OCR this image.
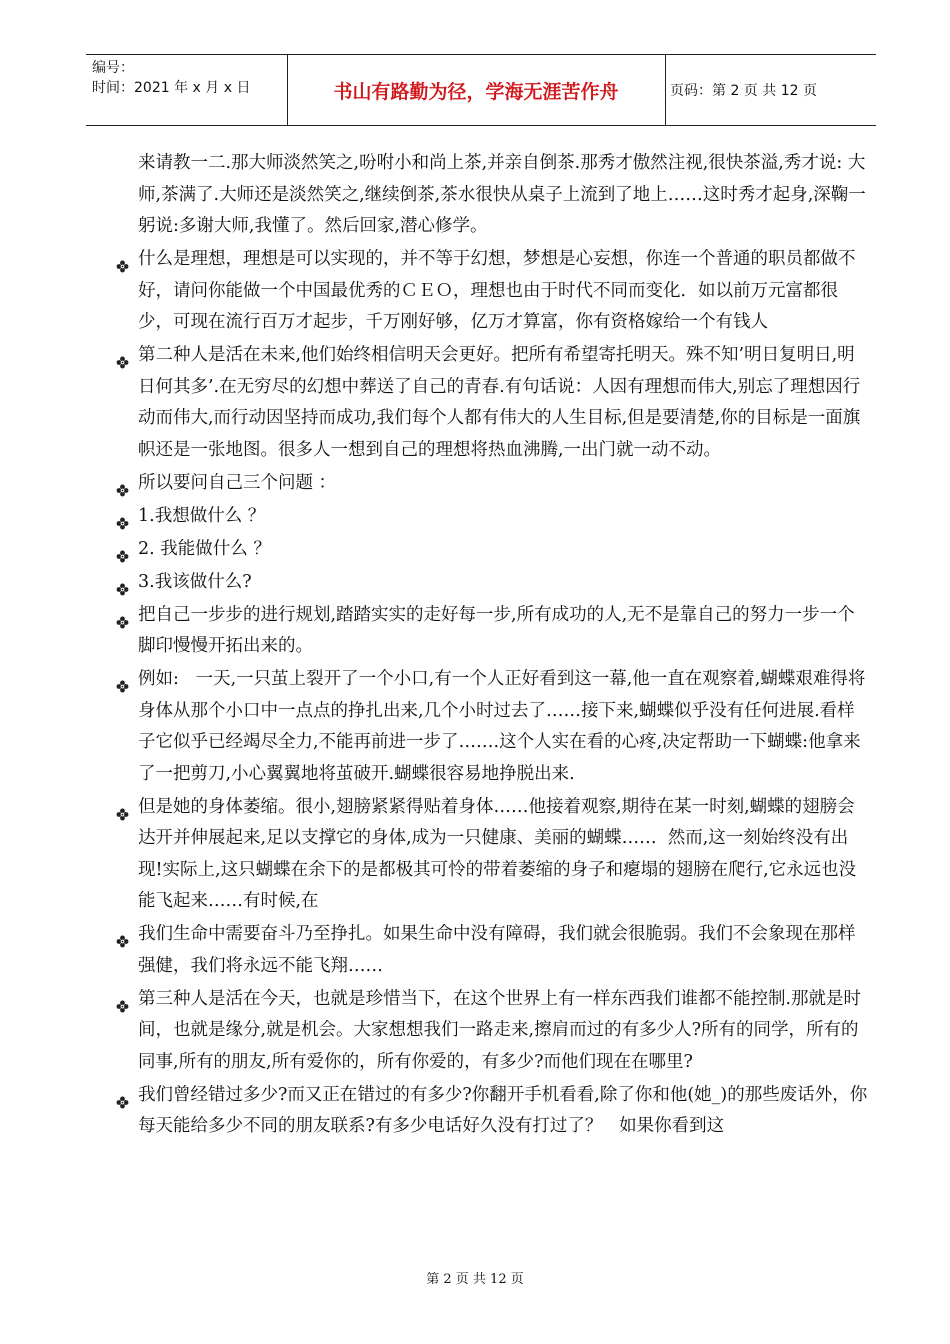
编号：
时间：2021 年 x 月 x 日	书山有路勤为径，学海无涯苦作舟	页码：第 2 页 共 12 页
来请教一二.那大师淡然笑之,吩咐小和尚上茶,并亲自倒茶.那秀才傲然注视,很快茶溢,秀才说: 大师,茶满了.大师还是淡然笑之,继续倒茶,茶水很快从桌子上流到了地上……这时秀才起身,深鞠一躬说:多谢大师,我懂了。然后回家,潜心修学。
什么是理想，理想是可以实现的，并不等于幻想，梦想是心妄想，你连一个普通的职员都做不好，请问你能做一个中国最优秀的ＣＥＯ，理想也由于时代不同而变化．如以前万元富都很少，可现在流行百万才起步，千万刚好够，亿万才算富，你有资格嫁给一个有钱人
第二种人是活在未来,他们始终相信明天会更好。把所有希望寄托明天。殊不知’明日复明日,明日何其多’.在无穷尽的幻想中葬送了自己的青春.有句话说：人因有理想而伟大,别忘了理想因行动而伟大,而行动因坚持而成功,我们每个人都有伟大的人生目标,但是要清楚,你的目标是一面旗帜还是一张地图。很多人一想到自己的理想将热血沸腾,一出门就一动不动。
所以要问自己三个问题 ：
1.我想做什么 ？
2. 我能做什么 ？
3.我该做什么?
把自己一步步的进行规划,踏踏实实的走好每一步,所有成功的人,无不是靠自己的努力一步一个脚印慢慢开拓出来的。
例如:   一天,一只茧上裂开了一个小口,有一个人正好看到这一幕,他一直在观察着,蝴蝶艰难得将身体从那个小口中一点点的挣扎出来,几个小时过去了……接下来,蝴蝶似乎没有任何进展.看样子它似乎已经竭尽全力,不能再前进一步了…….这个人实在看的心疼,决定帮助一下蝴蝶:他拿来了一把剪刀,小心翼翼地将茧破开.蝴蝶很容易地挣脱出来.
但是她的身体萎缩。很小,翅膀紧紧得贴着身体……他接着观察,期待在某一时刻,蝴蝶的翅膀会达开并伸展起来,足以支撑它的身体,成为一只健康、美丽的蝴蝶……  然而,这一刻始终没有出现!实际上,这只蝴蝶在余下的是都极其可怜的带着萎缩的身子和瘪塌的翅膀在爬行,它永远也没能飞起来……有时候,在
我们生命中需要奋斗乃至挣扎。如果生命中没有障碍，我们就会很脆弱。我们不会象现在那样强健，我们将永远不能飞翔……
第三种人是活在今天，也就是珍惜当下，在这个世界上有一样东西我们谁都不能控制.那就是时间，也就是缘分,就是机会。大家想想我们一路走来,擦肩而过的有多少人?所有的同学，所有的同事,所有的朋友,所有爱你的，所有你爱的，有多少?而他们现在在哪里?
我们曾经错过多少?而又正在错过的有多少?你翻开手机看看,除了你和他(她_)的那些废话外，你每天能给多少不同的朋友联系?有多少电话好久没有打过了？   如果你看到这
第 2 页 共 12 页
